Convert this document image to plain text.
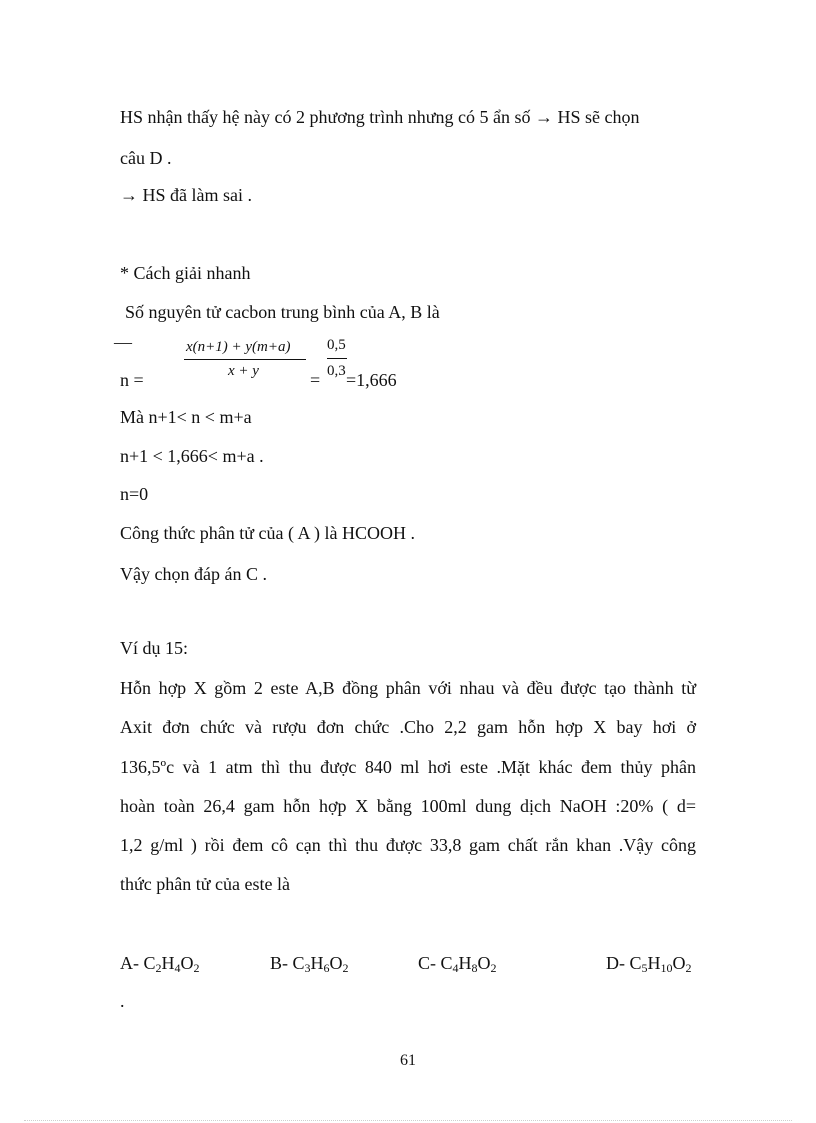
HS nhận thấy hệ này có 2 phương trình nhưng có 5 ẩn số → HS sẽ chọn
câu D .
→ HS đã làm sai .
* Cách giải nhanh
Số nguyên tử cacbon trung bình của A, B là
—	x(n+1) + y(m+a)
x + y
0,5
n =	= 0,3 =1,666
Mà n+1< n < m+a
n+1 < 1,666< m+a .
n=0
Công thức phân tử của ( A ) là HCOOH .
Vậy chọn đáp án C .
Ví dụ 15:
Hỗn hợp X gồm 2 este A,B đồng phân với nhau và đều được tạo thành từ
Axit đơn chức và rượu đơn chức .Cho 2,2 gam hỗn hợp X bay hơi ở
136,5ºc và 1 atm thì thu được 840 ml hơi este .Mặt khác đem thủy phân
hoàn toàn 26,4 gam hỗn hợp X bằng 100ml dung dịch NaOH :20% ( d=
1,2 g/ml ) rồi đem cô cạn thì thu được 33,8 gam chất rắn khan .Vậy công
thức phân tử của este là
A- $C_2H_4O_2$	B- $C_3H_6O_2$	C- $C_4H_8O_2$	D- $C_5H_{10}O_2$
.
61
